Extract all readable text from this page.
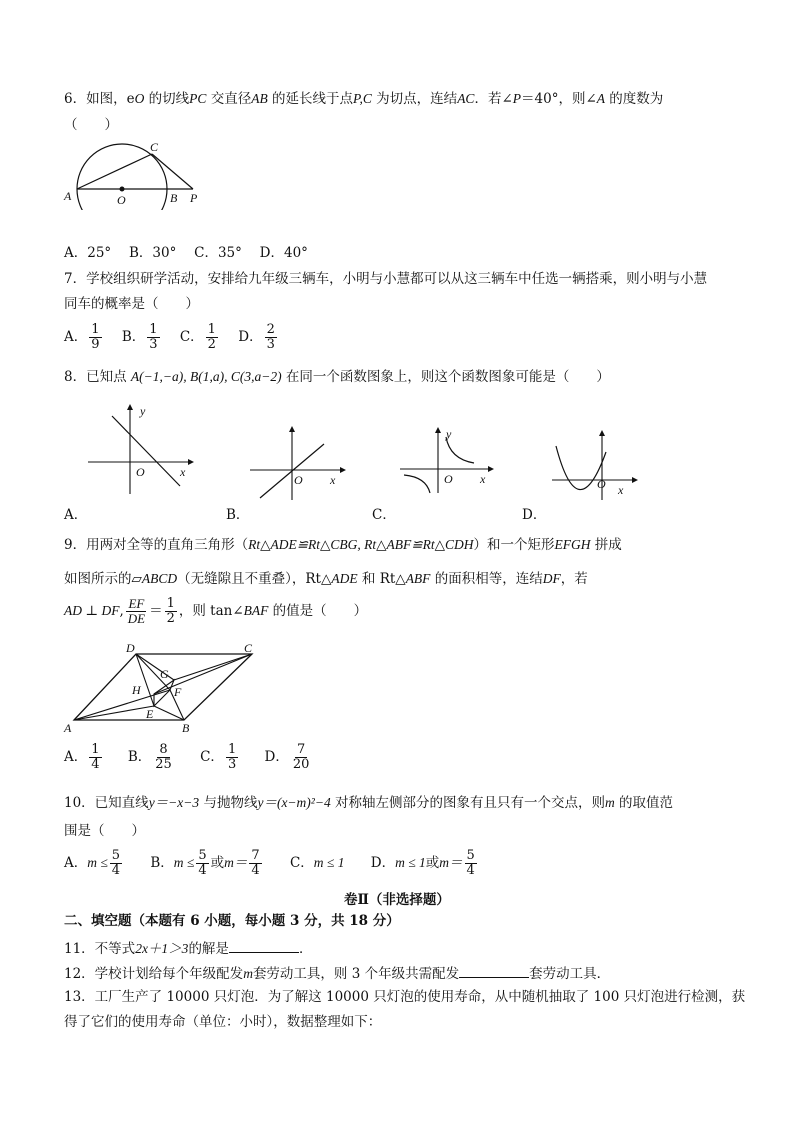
6．如图，eO 的切线PC 交直径AB 的延长线于点P,C 为切点，连结AC．若∠P＝40°，则∠A 的度数为
（　　）
A	O	B P
C
A．25°　 B．30°　 C．35°　 D．40°
7．学校组织研学活动，安排给九年级三辆车，小明与小慧都可以从这三辆车中任选一辆搭乘，则小明与小慧
同车的概率是（　　）
A． $\frac{1}{9}$ B． $\frac{1}{3}$ C． $\frac{1}{2}$ D． $\frac{2}{3}$
8．已知点 A(−1,−a), B(1,a), C(3,a−2) 在同一个函数图象上，则这个函数图象可能是（　　）
y
x
O
x
O
y
x
O
x
O
A．	B．	C．	D．
9．用两对全等的直角三角形（Rt△ADE≌Rt△CBG, Rt△ABF≌Rt△CDH）和一个矩形EFGH 拼成
如图所示的▱ABCD（无缝隙且不重叠），Rt△ADE 和 Rt△ABF 的面积相等，连结DF，若
AD ⊥ DF, $\frac{EF}{DE} = \frac{1}{2}$ ，则 tan∠BAF 的值是（　　）
A	B
C
D
E
F
G
H
A． $\frac{1}{4}$ B． $\frac{8}{25}$ C． $\frac{1}{3}$ D． $\frac{7}{20}$
10．已知直线y＝−x−3 与抛物线y＝(x−m)²−4 对称轴左侧部分的图象有且只有一个交点，则m 的取值范
围是（　　）
A．$m \le \frac{5}{4}$ B．$m \le \frac{5}{4}$ 或$m= \frac{7}{4}$ C．m ≤ 1 D．m ≤ 1或$m= \frac{5}{4}$
卷Ⅱ（非选择题）
二、填空题（本题有 6 小题，每小题 3 分，共 18 分）
11．不等式2x＋1＞3的解是	．
12．学校计划给每个年级配发m套劳动工具，则 3 个年级共需配发	套劳动工具．
13．工厂生产了 10000 只灯泡．为了解这 10000 只灯泡的使用寿命，从中随机抽取了 100 只灯泡进行检测，获
得了它们的使用寿命（单位：小时），数据整理如下：
